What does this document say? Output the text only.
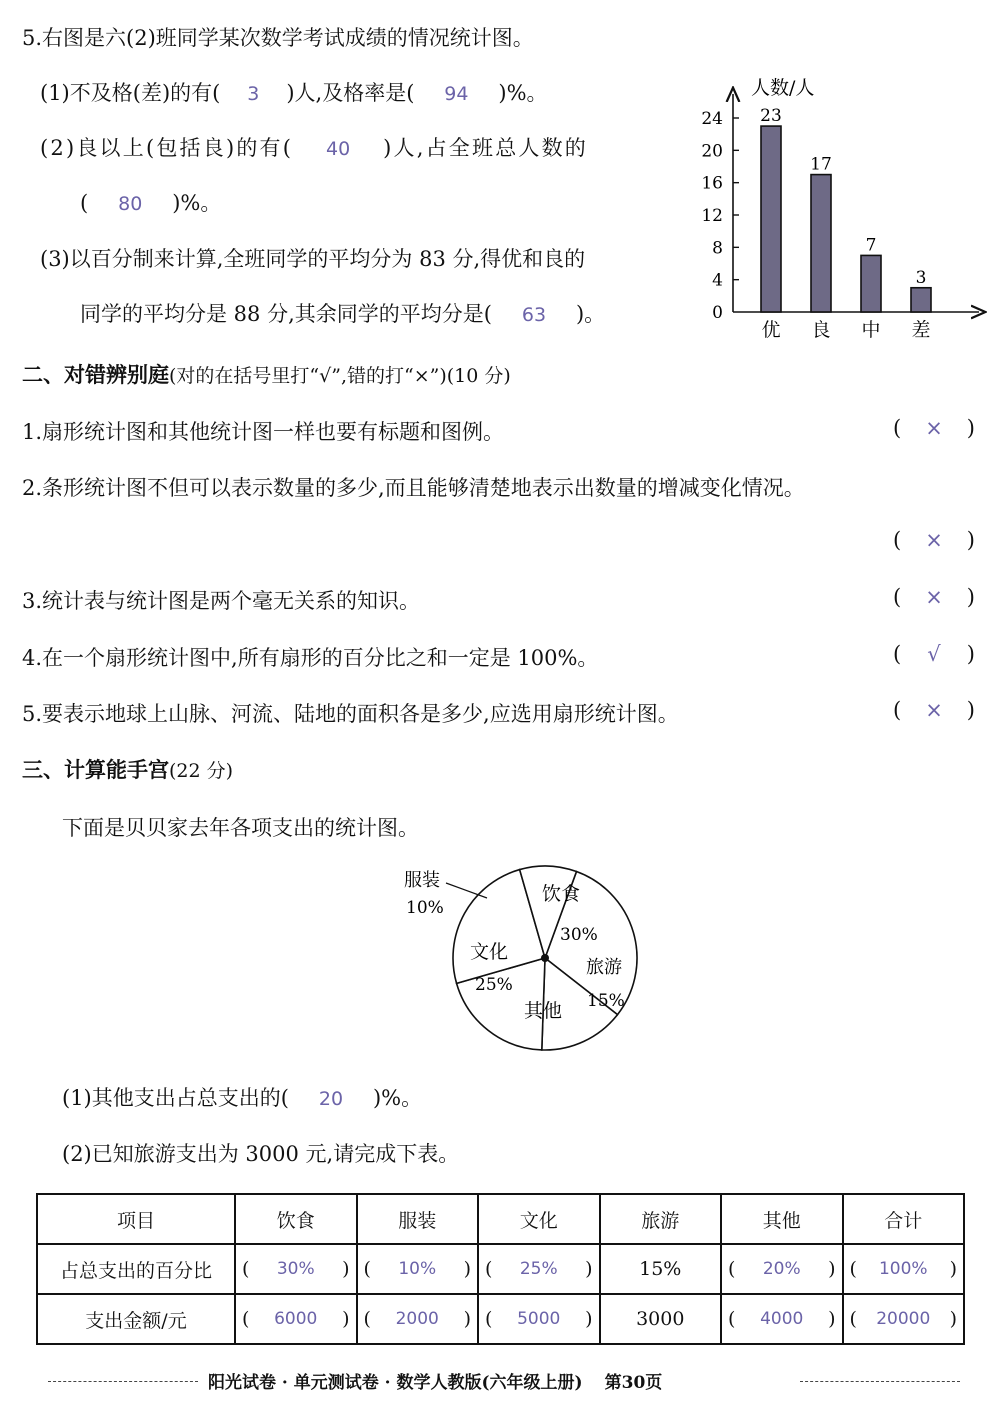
5.右图是六(2)班同学某次数学考试成绩的情况统计图。
(1)不及格(差)的有( 3 )人,及格率是( 94 )%。
(2)良以上(包括良)的有( 40 )人,占全班总人数的
( 80 )%。
(3)以百分制来计算,全班同学的平均分为 83 分,得优和良的
同学的平均分是 88 分,其余同学的平均分是( 63 )。
人数/人
0
4
8
12
16
20
24 23
优
17
良
7
中
3
差
二、对错辨别庭(对的在括号里打“√”,错的打“×”)(10 分)
1.扇形统计图和其他统计图一样也要有标题和图例。	( × )
2.条形统计图不但可以表示数量的多少,而且能够清楚地表示出数量的增减变化情况。
( × )
3.统计表与统计图是两个毫无关系的知识。	( × )
4.在一个扇形统计图中,所有扇形的百分比之和一定是 100%。	( √ )
5.要表示地球上山脉、河流、陆地的面积各是多少,应选用扇形统计图。	( × )
三、计算能手宫(22 分)
下面是贝贝家去年各项支出的统计图。
服装
10%
饮食
30%
旅游
15%
其他
文化
25%
(1)其他支出占总支出的( 20 )%。
(2)已知旅游支出为 3000 元,请完成下表。
项目	饮食	服装	文化	旅游	其他	合计
占总支出的百分比	( 30% )	( 10% )	( 25% )	15%	( 20% )	( 100% )

支出金额/元	( 6000 )	( 2000 )	( 5000 )	3000	( 4000 )	( 20000 )
阳光试卷 · 单元测试卷 · 数学人教版(六年级上册) 第30页
